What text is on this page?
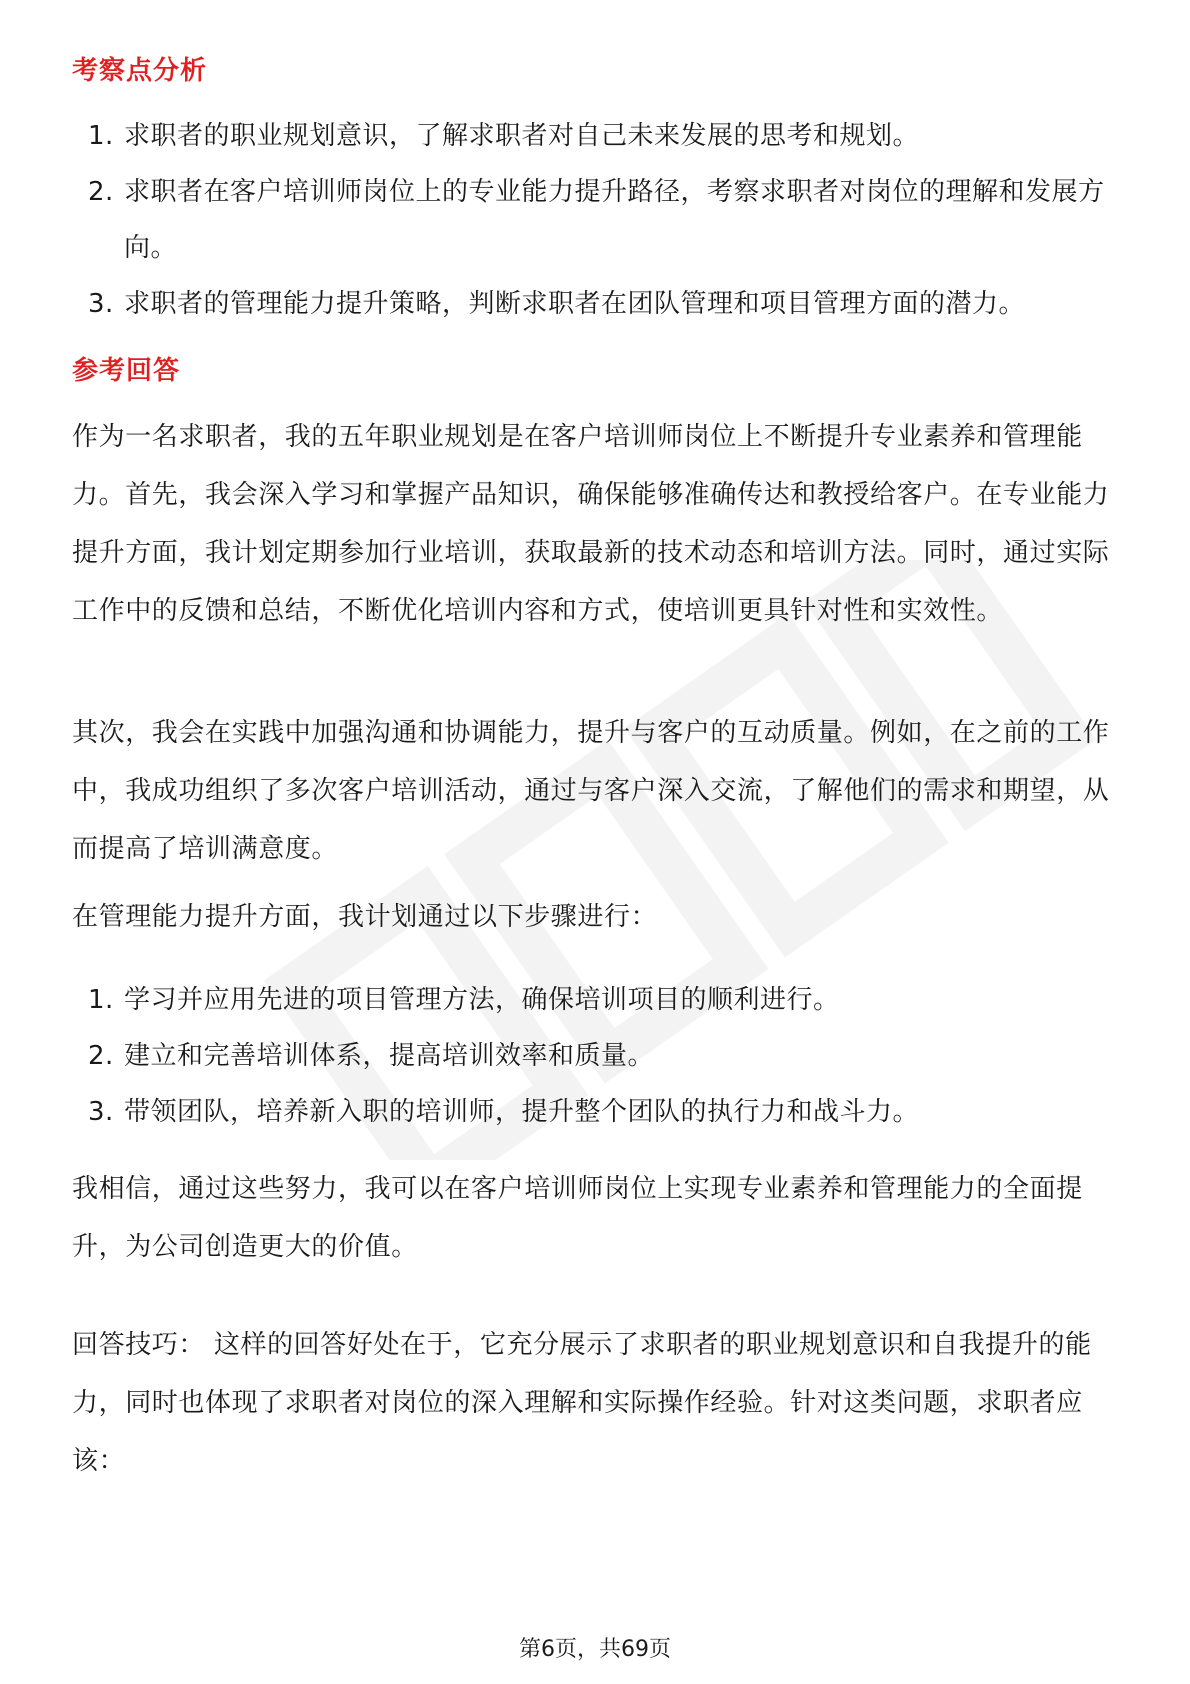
考察点分析
1. 求职者的职业规划意识，了解求职者对自己未来发展的思考和规划。
2. 求职者在客户培训师岗位上的专业能力提升路径，考察求职者对岗位的理解和发展方向。
3. 求职者的管理能力提升策略，判断求职者在团队管理和项目管理方面的潜力。
参考回答

作为一名求职者，我的五年职业规划是在客户培训师岗位上不断提升专业素养和管理能力。首先，我会深入学习和掌握产品知识，确保能够准确传达和教授给客户。在专业能力提升方面，我计划定期参加行业培训，获取最新的技术动态和培训方法。同时，通过实际工作中的反馈和总结，不断优化培训内容和方式，使培训更具针对性和实效性。

其次，我会在实践中加强沟通和协调能力，提升与客户的互动质量。例如，在之前的工作中，我成功组织了多次客户培训活动，通过与客户深入交流，了解他们的需求和期望，从而提高了培训满意度。

在管理能力提升方面，我计划通过以下步骤进行：

1. 学习并应用先进的项目管理方法，确保培训项目的顺利进行。
2. 建立和完善培训体系，提高培训效率和质量。
3. 带领团队，培养新入职的培训师，提升整个团队的执行力和战斗力。

我相信，通过这些努力，我可以在客户培训师岗位上实现专业素养和管理能力的全面提升，为公司创造更大的价值。

回答技巧： 这样的回答好处在于，它充分展示了求职者的职业规划意识和自我提升的能力，同时也体现了求职者对岗位的深入理解和实际操作经验。针对这类问题，求职者应该：

第6页，共69页
